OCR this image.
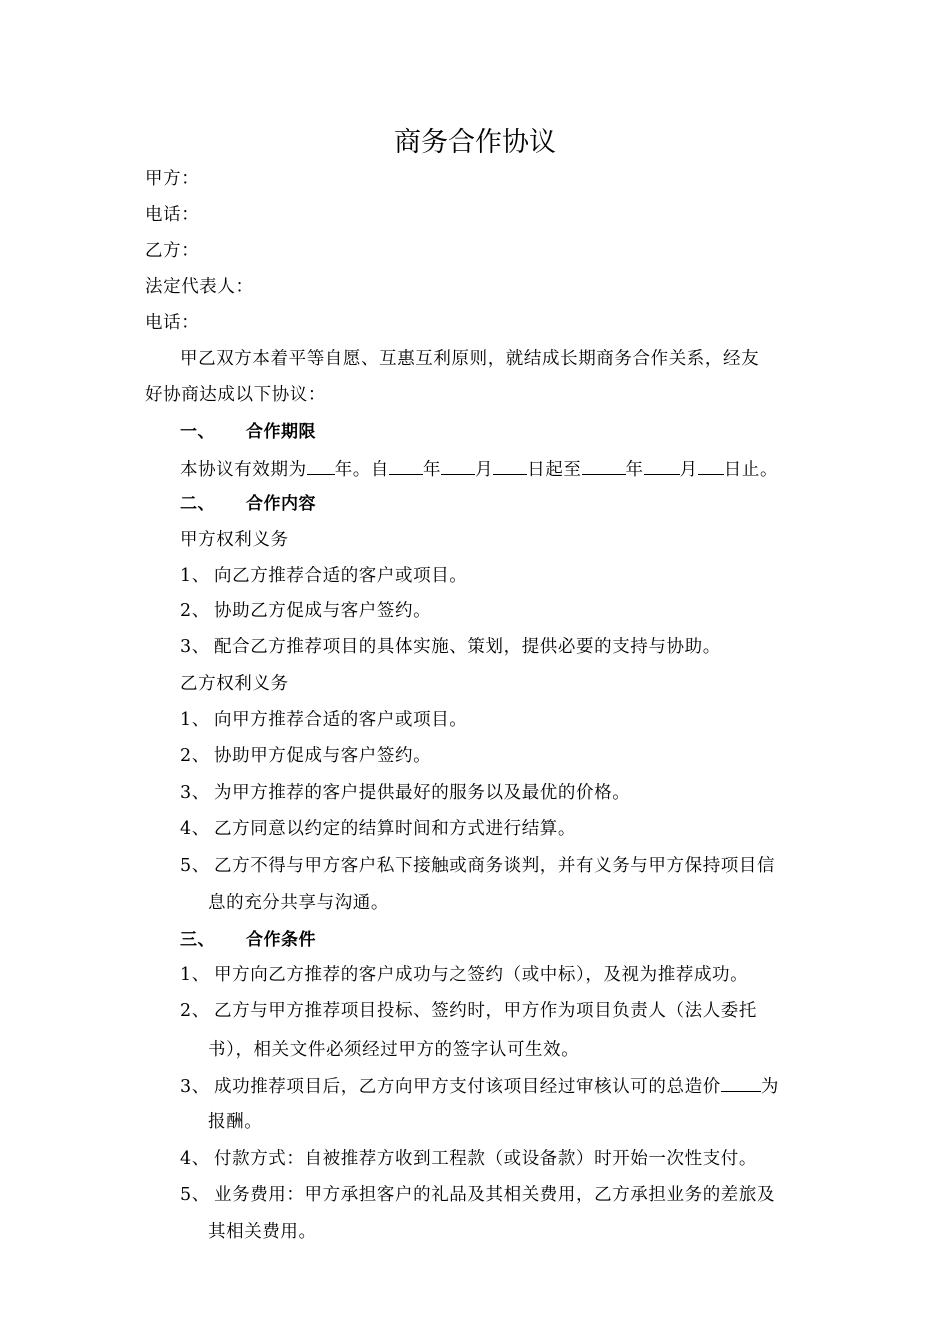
商务合作协议
甲方：
电话：
乙方：
法定代表人：
电话：
甲乙双方本着平等自愿、互惠互利原则，就结成长期商务合作关系，经友
好协商达成以下协议：
一、 合作期限
本协议有效期为 年。自 年 月 日起至	年 月 日止。
二、 合作内容
甲方权利义务
1、 向乙方推荐合适的客户或项目。
2、 协助乙方促成与客户签约。
3、 配合乙方推荐项目的具体实施、策划，提供必要的支持与协助。
乙方权利义务
1、 向甲方推荐合适的客户或项目。
2、 协助甲方促成与客户签约。
3、 为甲方推荐的客户提供最好的服务以及最优的价格。
4、 乙方同意以约定的结算时间和方式进行结算。
5、 乙方不得与甲方客户私下接触或商务谈判，并有义务与甲方保持项目信
息的充分共享与沟通。
三、 合作条件
1、 甲方向乙方推荐的客户成功与之签约（或中标），及视为推荐成功。
2、 乙方与甲方推荐项目投标、签约时，甲方作为项目负责人（法人委托
书），相关文件必须经过甲方的签字认可生效。
3、 成功推荐项目后，乙方向甲方支付该项目经过审核认可的总造价 为
报酬。
4、 付款方式：自被推荐方收到工程款（或设备款）时开始一次性支付。
5、 业务费用：甲方承担客户的礼品及其相关费用，乙方承担业务的差旅及
其相关费用。
